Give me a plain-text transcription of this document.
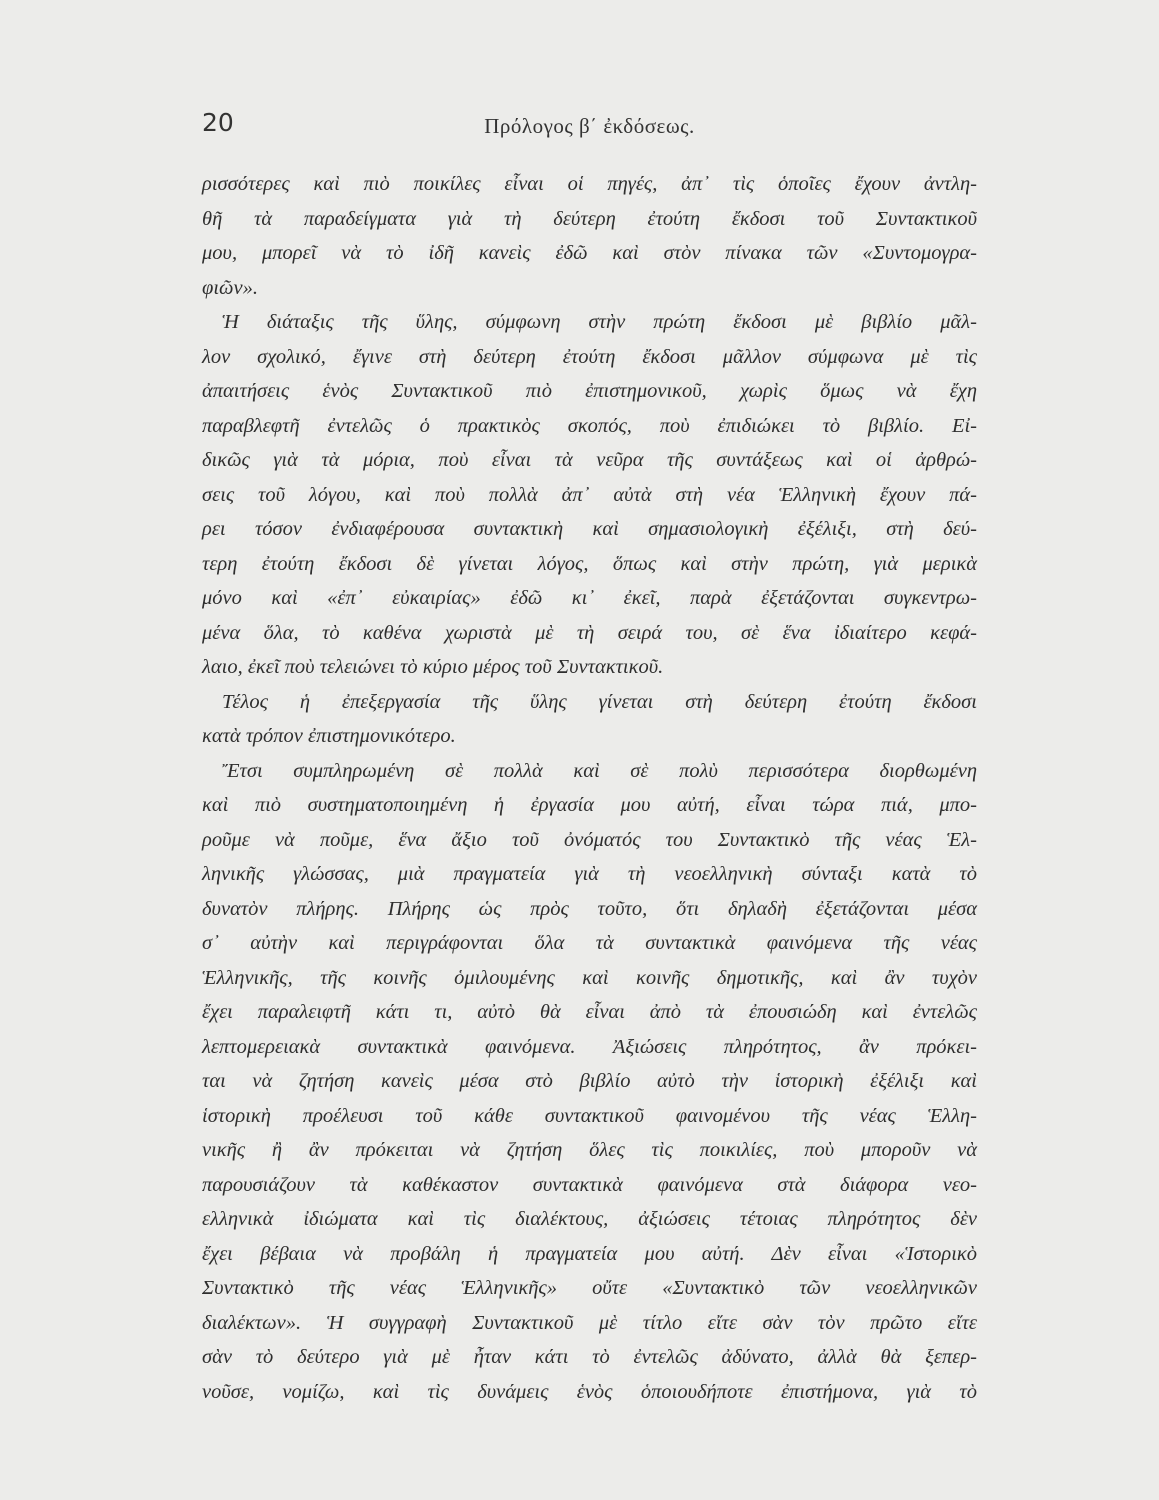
20	Πρόλογος β΄ ἐκδόσεως.
ρισσότερες καὶ πιὸ ποικίλες εἶναι οἱ πηγές, ἀπ᾽ τὶς ὁποῖες ἔχουν ἀντλη-
θῆ τὰ παραδείγματα γιὰ τὴ δεύτερη ἐτούτη ἔκδοσι τοῦ Συντακτικοῦ
μου, μπορεῖ νὰ τὸ ἰδῆ κανεὶς ἐδῶ καὶ στὸν πίνακα τῶν «Συντομογρα-
φιῶν».
Ἡ διάταξις τῆς ὕλης, σύμφωνη στὴν πρώτη ἔκδοσι μὲ βιβλίο μᾶλ-
λον σχολικό, ἔγινε στὴ δεύτερη ἐτούτη ἔκδοσι μᾶλλον σύμφωνα μὲ τὶς
ἀπαιτήσεις ἑνὸς Συντακτικοῦ πιὸ ἐπιστημονικοῦ, χωρὶς ὅμως νὰ ἔχη
παραβλεφτῆ ἐντελῶς ὁ πρακτικὸς σκοπός, ποὺ ἐπιδιώκει τὸ βιβλίο. Εἰ-
δικῶς γιὰ τὰ μόρια, ποὺ εἶναι τὰ νεῦρα τῆς συντάξεως καὶ οἱ ἀρθρώ-
σεις τοῦ λόγου, καὶ ποὺ πολλὰ ἀπ᾽ αὐτὰ στὴ νέα Ἑλληνικὴ ἔχουν πά-
ρει τόσον ἐνδιαφέρουσα συντακτικὴ καὶ σημασιολογικὴ ἐξέλιξι, στὴ δεύ-
τερη ἐτούτη ἔκδοσι δὲ γίνεται λόγος, ὅπως καὶ στὴν πρώτη, γιὰ μερικὰ
μόνο καὶ «ἐπ᾽ εὐκαιρίας» ἐδῶ κι᾽ ἐκεῖ, παρὰ ἐξετάζονται συγκεντρω-
μένα ὅλα, τὸ καθένα χωριστὰ μὲ τὴ σειρά του, σὲ ἕνα ἰδιαίτερο κεφά-
λαιο, ἐκεῖ ποὺ τελειώνει τὸ κύριο μέρος τοῦ Συντακτικοῦ.
Τέλος ἡ ἐπεξεργασία τῆς ὕλης γίνεται στὴ δεύτερη ἐτούτη ἔκδοσι
κατὰ τρόπον ἐπιστημονικότερο.
Ἔτσι συμπληρωμένη σὲ πολλὰ καὶ σὲ πολὺ περισσότερα διορθωμένη
καὶ πιὸ συστηματοποιημένη ἡ ἐργασία μου αὐτή, εἶναι τώρα πιά, μπο-
ροῦμε νὰ ποῦμε, ἕνα ἄξιο τοῦ ὀνόματός του Συντακτικὸ τῆς νέας Ἑλ-
ληνικῆς γλώσσας, μιὰ πραγματεία γιὰ τὴ νεοελληνικὴ σύνταξι κατὰ τὸ
δυνατὸν πλήρης. Πλήρης ὡς πρὸς τοῦτο, ὅτι δηλαδὴ ἐξετάζονται μέσα
σ᾽ αὐτὴν καὶ περιγράφονται ὅλα τὰ συντακτικὰ φαινόμενα τῆς νέας
Ἑλληνικῆς, τῆς κοινῆς ὁμιλουμένης καὶ κοινῆς δημοτικῆς, καὶ ἂν τυχὸν
ἔχει παραλειφτῆ κάτι τι, αὐτὸ θὰ εἶναι ἀπὸ τὰ ἐπουσιώδη καὶ ἐντελῶς
λεπτομερειακὰ συντακτικὰ φαινόμενα. Ἀξιώσεις πληρότητος, ἂν πρόκει-
ται νὰ ζητήση κανεὶς μέσα στὸ βιβλίο αὐτὸ τὴν ἱστορικὴ ἐξέλιξι καὶ
ἱστορικὴ προέλευσι τοῦ κάθε συντακτικοῦ φαινομένου τῆς νέας Ἑλλη-
νικῆς ἢ ἂν πρόκειται νὰ ζητήση ὅλες τὶς ποικιλίες, ποὺ μποροῦν νὰ
παρουσιάζουν τὰ καθέκαστον συντακτικὰ φαινόμενα στὰ διάφορα νεο-
ελληνικὰ ἰδιώματα καὶ τὶς διαλέκτους, ἀξιώσεις τέτοιας πληρότητος δὲν
ἔχει βέβαια νὰ προβάλη ἡ πραγματεία μου αὐτή. Δὲν εἶναι «Ἱστορικὸ
Συντακτικὸ τῆς νέας Ἑλληνικῆς» οὔτε «Συντακτικὸ τῶν νεοελληνικῶν
διαλέκτων». Ἡ συγγραφὴ Συντακτικοῦ μὲ τίτλο εἴτε σὰν τὸν πρῶτο εἴτε
σὰν τὸ δεύτερο γιὰ μὲ ἦταν κάτι τὸ ἐντελῶς ἀδύνατο, ἀλλὰ θὰ ξεπερ-
νοῦσε, νομίζω, καὶ τὶς δυνάμεις ἑνὸς ὁποιουδήποτε ἐπιστήμονα, γιὰ τὸ
